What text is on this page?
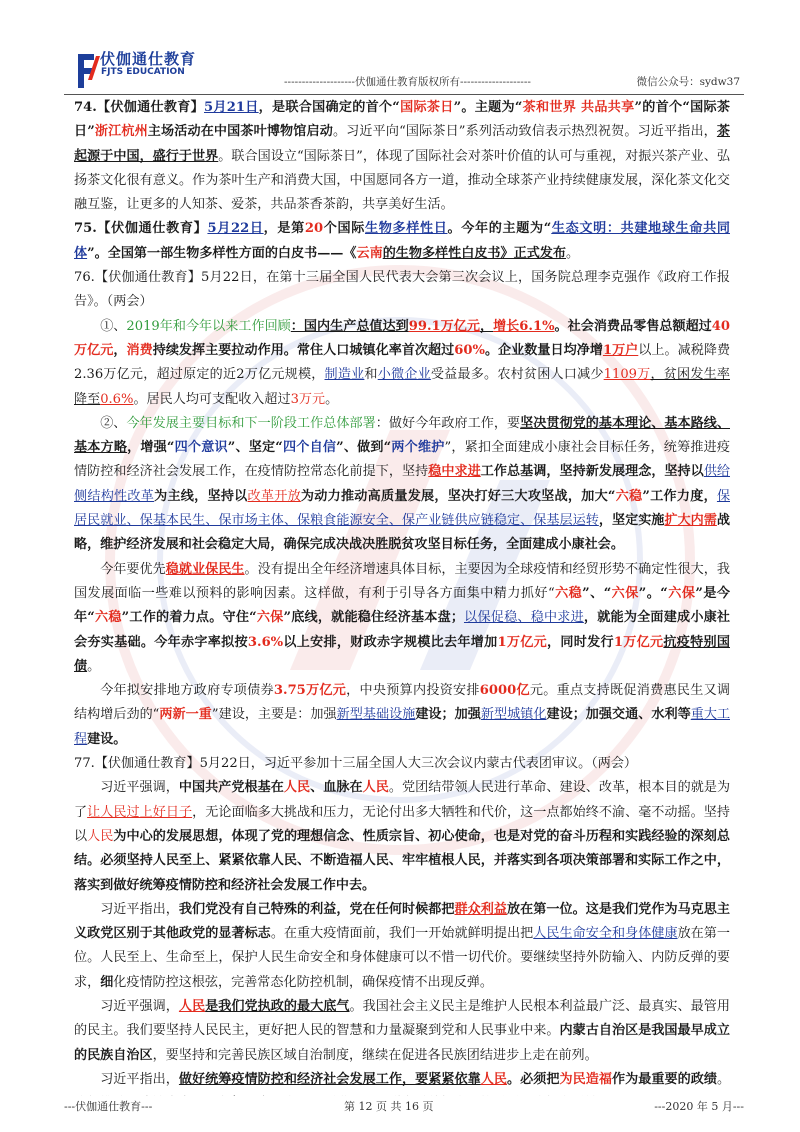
伏伽通仕教育
FJTS EDUCATION
--------------------伏伽通仕教育版权所有--------------------	微信公众号：sydw37

74.【伏伽通仕教育】5月21日，是联合国确定的首个“国际茶日”。主题为“茶和世界 共品共享”的首个“国际茶日”浙江杭州主场活动在中国茶叶博物馆启动。习近平向“国际茶日”系列活动致信表示热烈祝贺。习近平指出，茶起源于中国，盛行于世界。联合国设立“国际茶日”，体现了国际社会对茶叶价值的认可与重视，对振兴茶产业、弘扬茶文化很有意义。作为茶叶生产和消费大国，中国愿同各方一道，推动全球茶产业持续健康发展，深化茶文化交融互鉴，让更多的人知茶、爱茶，共品茶香茶韵，共享美好生活。

75.【伏伽通仕教育】5月22日，是第20个国际生物多样性日。今年的主题为“生态文明：共建地球生命共同体”。全国第一部生物多样性方面的白皮书——《云南的生物多样性白皮书》正式发布。

76.【伏伽通仕教育】5月22日，在第十三届全国人民代表大会第三次会议上，国务院总理李克强作《政府工作报告》。（两会）

①、2019年和今年以来工作回顾：国内生产总值达到99.1万亿元，增长6.1%。社会消费品零售总额超过40万亿元，消费持续发挥主要拉动作用。常住人口城镇化率首次超过60%。企业数量日均净增1万户以上。减税降费2.36万亿元，超过原定的近2万亿元规模，制造业和小微企业受益最多。农村贫困人口减少1109万，贫困发生率降至0.6%。居民人均可支配收入超过3万元。

②、今年发展主要目标和下一阶段工作总体部署：做好今年政府工作，要坚决贯彻党的基本理论、基本路线、基本方略，增强“四个意识”、坚定“四个自信”、做到“两个维护”，紧扣全面建成小康社会目标任务，统筹推进疫情防控和经济社会发展工作，在疫情防控常态化前提下，坚持稳中求进工作总基调，坚持新发展理念，坚持以供给侧结构性改革为主线，坚持以改革开放为动力推动高质量发展，坚决打好三大攻坚战，加大“六稳”工作力度，保居民就业、保基本民生、保市场主体、保粮食能源安全、保产业链供应链稳定、保基层运转，坚定实施扩大内需战略，维护经济发展和社会稳定大局，确保完成决战决胜脱贫攻坚目标任务，全面建成小康社会。

今年要优先稳就业保民生。没有提出全年经济增速具体目标，主要因为全球疫情和经贸形势不确定性很大，我国发展面临一些难以预料的影响因素。这样做，有利于引导各方面集中精力抓好“六稳”、“六保”。“六保”是今年“六稳”工作的着力点。守住“六保”底线，就能稳住经济基本盘；以保促稳、稳中求进，就能为全面建成小康社会夯实基础。今年赤字率拟按3.6%以上安排，财政赤字规模比去年增加1万亿元，同时发行1万亿元抗疫特别国债。

今年拟安排地方政府专项债券3.75万亿元，中央预算内投资安排6000亿元。重点支持既促消费惠民生又调结构增后劲的“两新一重”建设，主要是：加强新型基础设施建设；加强新型城镇化建设；加强交通、水利等重大工程建设。

77.【伏伽通仕教育】5月22日，习近平参加十三届全国人大三次会议内蒙古代表团审议。（两会）

习近平强调，中国共产党根基在人民、血脉在人民。党团结带领人民进行革命、建设、改革，根本目的就是为了让人民过上好日子，无论面临多大挑战和压力，无论付出多大牺牲和代价，这一点都始终不渝、毫不动摇。坚持以人民为中心的发展思想，体现了党的理想信念、性质宗旨、初心使命，也是对党的奋斗历程和实践经验的深刻总结。必须坚持人民至上、紧紧依靠人民、不断造福人民、牢牢植根人民，并落实到各项决策部署和实际工作之中，落实到做好统筹疫情防控和经济社会发展工作中去。

习近平指出，我们党没有自己特殊的利益，党在任何时候都把群众利益放在第一位。这是我们党作为马克思主义政党区别于其他政党的显著标志。在重大疫情面前，我们一开始就鲜明提出把人民生命安全和身体健康放在第一位。人民至上、生命至上，保护人民生命安全和身体健康可以不惜一切代价。要继续坚持外防输入、内防反弹的要求，细化疫情防控这根弦，完善常态化防控机制，确保疫情不出现反弹。

习近平强调，人民是我们党执政的最大底气。我国社会主义民主是维护人民根本利益最广泛、最真实、最管用的民主。我们要坚持人民民主，更好把人民的智慧和力量凝聚到党和人民事业中来。内蒙古自治区是我国最早成立的民族自治区，要坚持和完善民族区域自治制度，继续在促进各民族团结进步上走在前列。

习近平指出，做好统筹疫情防控和经济社会发展工作，要紧紧依靠人民。必须把为民造福作为最重要的政绩。

---伏伽通仕教育---	第 12 页 共 16 页	---2020 年 5 月---
